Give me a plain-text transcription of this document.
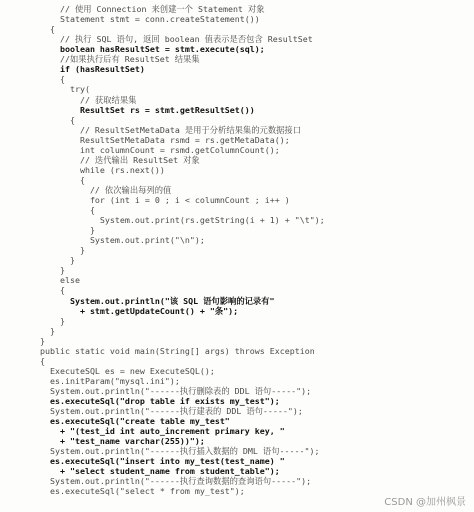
// 使用 Connection 来创建一个 Statement 对象
Statement stmt = conn.createStatement())
{
// 执行 SQL 语句, 返回 boolean 值表示是否包含 ResultSet
boolean hasResultSet = stmt.execute(sql);
//如果执行后有 ResultSet 结果集
if (hasResultSet)
{
try(
// 获取结果集
ResultSet rs = stmt.getResultSet())
{
// ResultSetMetaData 是用于分析结果集的元数据接口
ResultSetMetaData rsmd = rs.getMetaData();
int columnCount = rsmd.getColumnCount();
// 迭代输出 ResultSet 对象
while (rs.next())
{
// 依次输出每列的值
for (int i = 0 ; i < columnCount ; i++ )
{
System.out.print(rs.getString(i + 1) + "\t");
}
System.out.print("\n");
}
}
}
else
{
System.out.println("该 SQL 语句影响的记录有"
+ stmt.getUpdateCount() + "条");
}
}
}
public static void main(String[] args) throws Exception
{
ExecuteSQL es = new ExecuteSQL();
es.initParam("mysql.ini");
System.out.println("------执行删除表的 DDL 语句-----");
es.executeSql("drop table if exists my_test");
System.out.println("------执行建表的 DDL 语句-----");
es.executeSql("create table my_test"
+ "(test_id int auto_increment primary key, "
+ "test_name varchar(255))");
System.out.println("------执行插入数据的 DML 语句-----");
es.executeSql("insert into my_test(test_name) "
+ "select student_name from student_table");
System.out.println("------执行查询数据的查询语句-----");
es.executeSql("select * from my_test");
CSDN @加州枫景
